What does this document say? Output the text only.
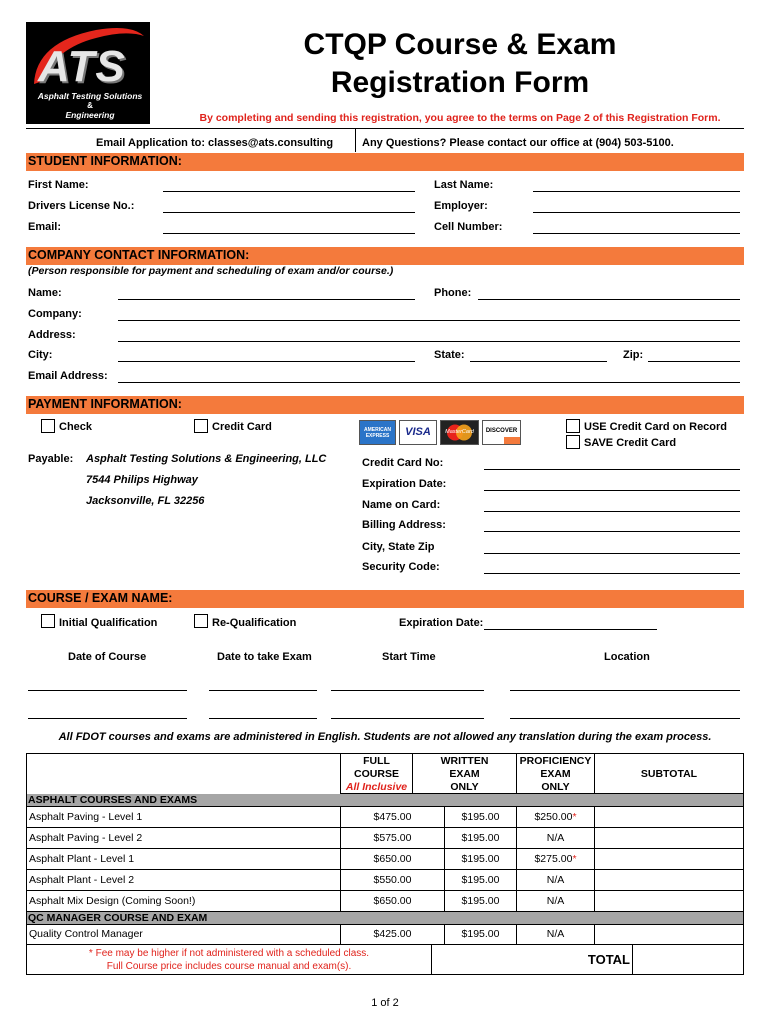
ATS
Asphalt Testing Solutions
&
Engineering
CTQP Course & Exam
Registration Form
By completing and sending this registration, you agree to the terms on Page 2 of this Registration Form.
Email Application to: classes@ats.consulting	Any Questions? Please contact our office at (904) 503-5100.
STUDENT INFORMATION:
First Name:	Last Name:
Drivers License No.:	Employer:
Email:	Cell Number:
COMPANY CONTACT INFORMATION:
(Person responsible for payment and scheduling of exam and/or course.)
Name:	Phone:
Company:
Address:
City:	State:	Zip:
Email Address:
PAYMENT INFORMATION:
Check	Credit Card	AMERICAN EXPRESS	VISA	MasterCard	DISCOVER	USE Credit Card on Record
SAVE Credit Card
Payable: Asphalt Testing Solutions & Engineering, LLC
7544 Philips Highway
Jacksonville, FL 32256
Credit Card No:
Expiration Date:
Name on Card:
Billing Address:
City, State Zip
Security Code:
COURSE / EXAM NAME:
Initial Qualification	Re-Qualification	Expiration Date:
Date of Course	Date to take Exam	Start Time	Location
All FDOT courses and exams are administered in English. Students are not allowed any translation during the exam process.
FULL
COURSE
All Inclusive
WRITTEN
EXAM
ONLY
PROFICIENCY
EXAM
ONLY
SUBTOTAL
ASPHALT COURSES AND EXAMS
Asphalt Paving - Level 1	$475.00	$195.00	$250.00*
Asphalt Paving - Level 2	$575.00	$195.00	N/A
Asphalt Plant - Level 1	$650.00	$195.00	$275.00*
Asphalt Plant - Level 2	$550.00	$195.00	N/A
Asphalt Mix Design (Coming Soon!)	$650.00	$195.00	N/A
QC MANAGER COURSE AND EXAM
Quality Control Manager	$425.00	$195.00	N/A
* Fee may be higher if not administered with a scheduled class.
Full Course price includes course manual and exam(s).	TOTAL
1 of 2
